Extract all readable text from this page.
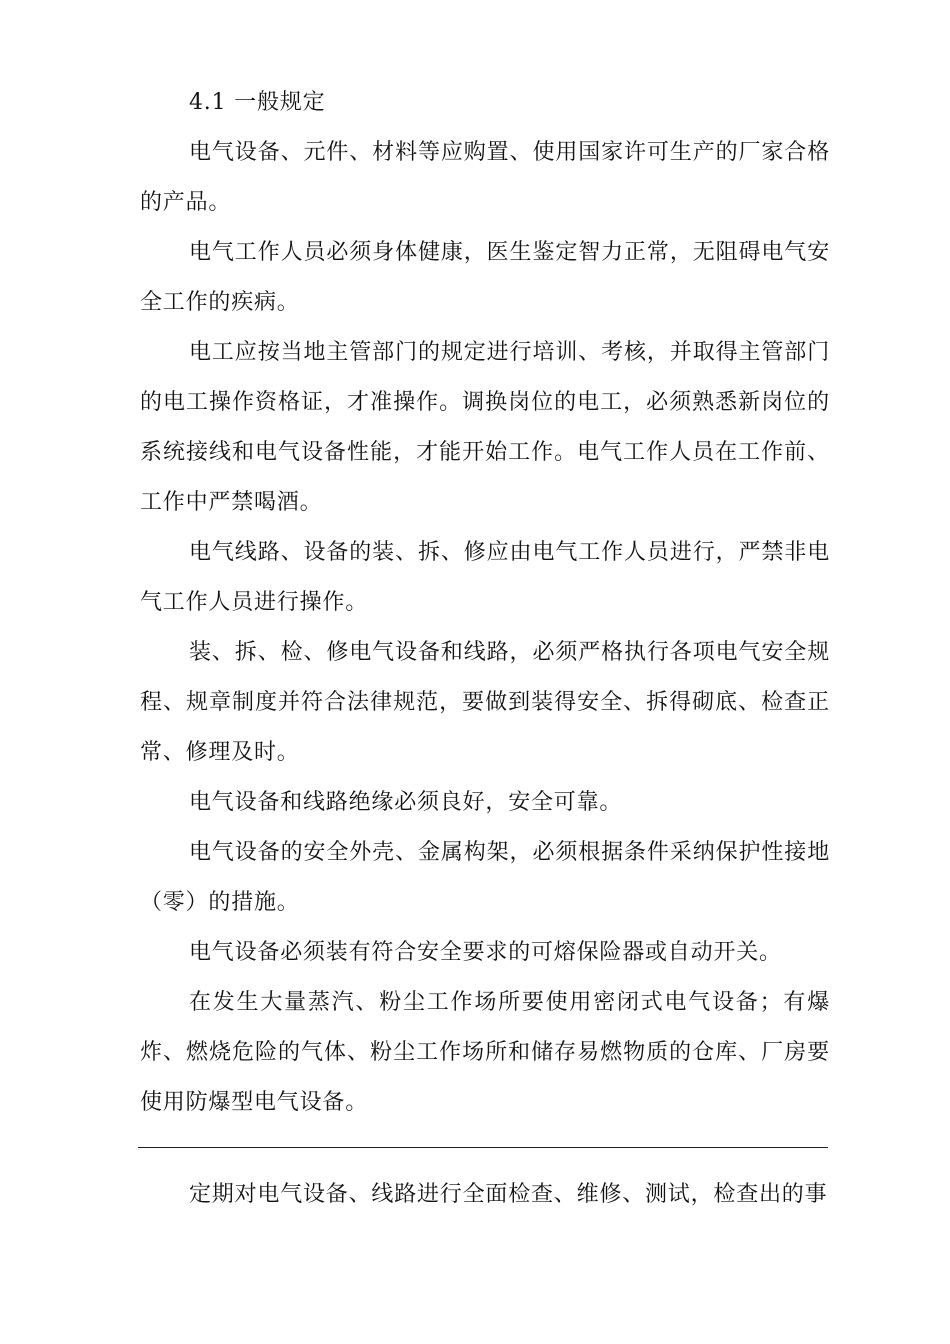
4.1 一般规定

电气设备、元件、材料等应购置、使用国家许可生产的厂家合格的产品。

电气工作人员必须身体健康，医生鉴定智力正常，无阻碍电气安全工作的疾病。

电工应按当地主管部门的规定进行培训、考核，并取得主管部门的电工操作资格证，才准操作。调换岗位的电工，必须熟悉新岗位的系统接线和电气设备性能，才能开始工作。电气工作人员在工作前、工作中严禁喝酒。

电气线路、设备的装、拆、修应由电气工作人员进行，严禁非电气工作人员进行操作。

装、拆、检、修电气设备和线路，必须严格执行各项电气安全规程、规章制度并符合法律规范，要做到装得安全、拆得砌底、检查正常、修理及时。

电气设备和线路绝缘必须良好，安全可靠。

电气设备的安全外壳、金属构架，必须根据条件采纳保护性接地（零）的措施。

电气设备必须装有符合安全要求的可熔保险器或自动开关。

在发生大量蒸汽、粉尘工作场所要使用密闭式电气设备；有爆炸、燃烧危险的气体、粉尘工作场所和储存易燃物质的仓库、厂房要使用防爆型电气设备。

定期对电气设备、线路进行全面检查、维修、测试，检查出的事
